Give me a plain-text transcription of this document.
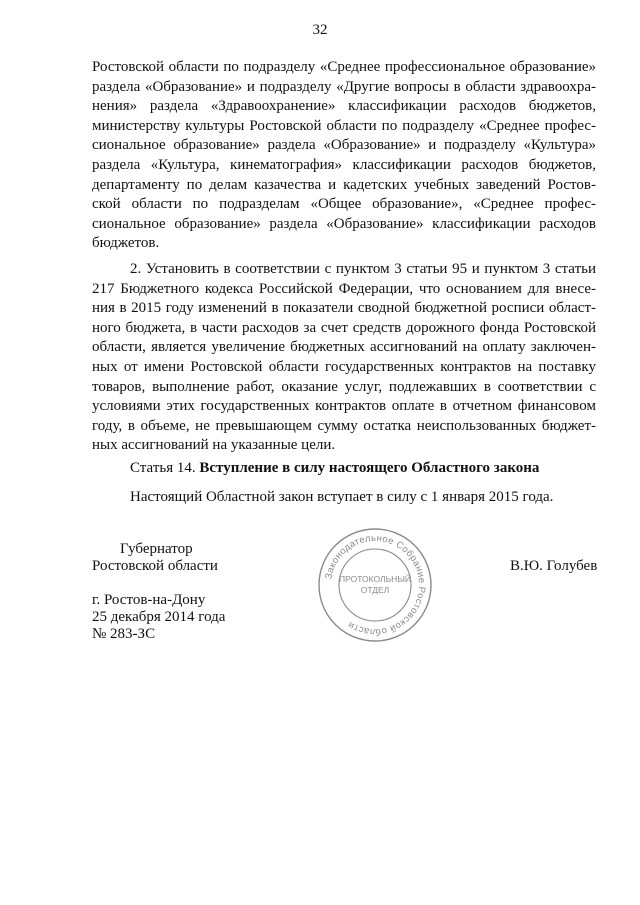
32
Ростовской области по подразделу «Среднее профессиональное образование»
раздела «Образование» и подразделу «Другие вопросы в области здравоохра-
нения» раздела «Здравоохранение» классификации расходов бюджетов,
министерству культуры Ростовской области по подразделу «Среднее профес-
сиональное образование» раздела «Образование» и подразделу «Культура»
раздела «Культура, кинематография» классификации расходов бюджетов,
департаменту по делам казачества и кадетских учебных заведений Ростов-
ской области по подразделам «Общее образование», «Среднее профес-
сиональное образование» раздела «Образование» классификации расходов
бюджетов.
2. Установить в соответствии с пунктом 3 статьи 95 и пунктом 3 статьи
217 Бюджетного кодекса Российской Федерации, что основанием для внесе-
ния в 2015 году изменений в показатели сводной бюджетной росписи област-
ного бюджета, в части расходов за счет средств дорожного фонда Ростовской
области, является увеличение бюджетных ассигнований на оплату заключен-
ных от имени Ростовской области государственных контрактов на поставку
товаров, выполнение работ, оказание услуг, подлежавших в соответствии с
условиями этих государственных контрактов оплате в отчетном финансовом
году, в объеме, не превышающем сумму остатка неиспользованных бюджет-
ных ассигнований на указанные цели.
Статья 14. Вступление в силу настоящего Областного закона
Настоящий Областной закон вступает в силу с 1 января 2015 года.
Губернатор
Ростовской области	В.Ю. Голубев
г. Ростов-на-Дону
25 декабря 2014 года
№ 283-ЗС
Законодательное Собрание Ростовской области
ПРОТОКОЛЬНЫЙ
ОТДЕЛ
